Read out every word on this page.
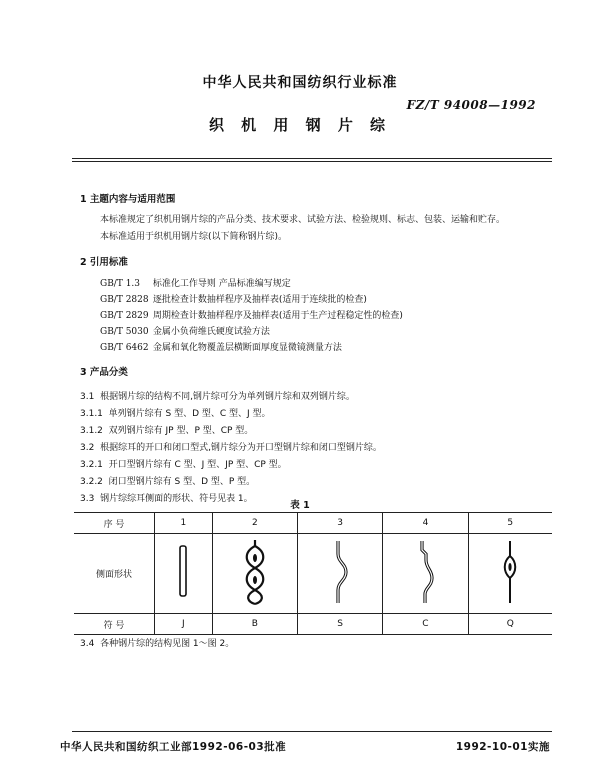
中华人民共和国纺织行业标准
FZ/T 94008—1992
织 机 用 钢 片 综
1 主题内容与适用范围
本标准规定了织机用钢片综的产品分类、技术要求、试验方法、检验规则、标志、包装、运输和贮存。
本标准适用于织机用钢片综(以下简称钢片综)。
2 引用标准
GB/T 1.3 标准化工作导则 产品标准编写规定
GB/T 2828 逐批检查计数抽样程序及抽样表(适用于连续批的检查)
GB/T 2829 周期检查计数抽样程序及抽样表(适用于生产过程稳定性的检查)
GB/T 5030 金属小负荷维氏硬度试验方法
GB/T 6462 金属和氧化物覆盖层横断面厚度显微镜测量方法
3 产品分类
3.1 根据钢片综的结构不同,钢片综可分为单列钢片综和双列钢片综。
3.1.1 单列钢片综有 S 型、D 型、C 型、J 型。
3.1.2 双列钢片综有 JP 型、P 型、CP 型。
3.2 根据综耳的开口和闭口型式,钢片综分为开口型钢片综和闭口型钢片综。
3.2.1 开口型钢片综有 C 型、J 型、JP 型、CP 型。
3.2.2 闭口型钢片综有 S 型、D 型、P 型。
3.3 钢片综综耳侧面的形状、符号见表 1。
表 1
序 号	1	2	3	4	5
侧面形状					
符 号	J	B	S	C	Q
3.4 各种钢片综的结构见图 1～图 2。
中华人民共和国纺织工业部1992-06-03批准	1992-10-01实施
